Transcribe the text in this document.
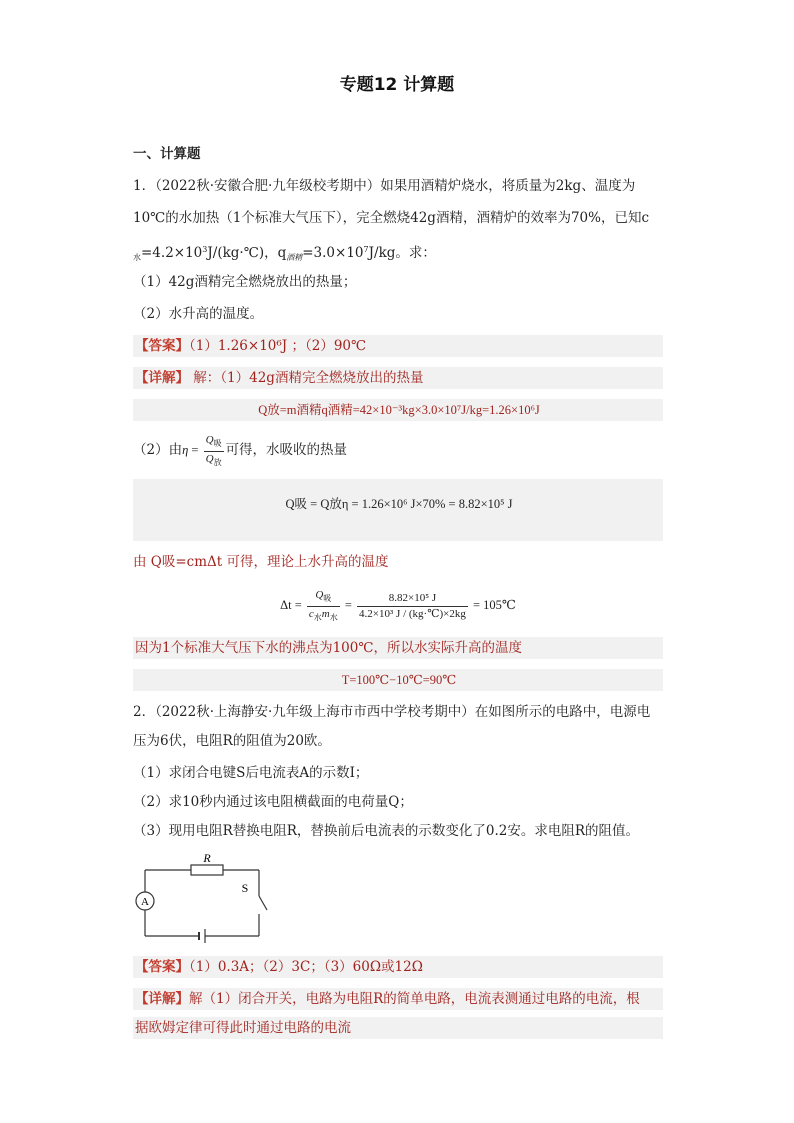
专题12 计算题
一、计算题
1．（2022秋·安徽合肥·九年级校考期中）如果用酒精炉烧水，将质量为2kg、温度为
10℃的水加热（1个标准大气压下），完全燃烧42g酒精，酒精炉的效率为70%，已知c
$_水=4.2\times 10^3J/(kg\cdot℃)$，$q_{酒精}=3.0\times 10^7J/kg$。求：
（1）42g酒精完全燃烧放出的热量；
（2）水升高的温度。
【答案】（1）1.26×10⁶J ；（2）90℃
【详解】 解：（1）42g酒精完全燃烧放出的热量
Q放=m酒精q酒精=42×10⁻³kg×3.0×10⁷J/kg=1.26×10⁶J
（2）由$\eta = \frac{Q_吸}{Q_放}$ 可得，水吸收的热量
Q吸 = Q放η = 1.26×10⁶ J×70% = 8.82×10⁵ J
由 Q吸=cmΔt 可得，理论上水升高的温度
$\Delta t = \frac{Q_吸}{c_水m_水} = \frac{\text{8.82×10⁵ J}}{\text{4.2×10³ J / (kg·℃)×2kg}}$ = 105℃
因为1个标准大气压下水的沸点为100℃，所以水实际升高的温度
T=100℃−10℃=90℃
2．（2022秋·上海静安·九年级上海市市西中学校考期中）在如图所示的电路中，电源电
压为6伏，电阻R的阻值为20欧。
（1）求闭合电键S后电流表A的示数I；
（2）求10秒内通过该电阻横截面的电荷量Q；
（3）现用电阻R替换电阻R，替换前后电流表的示数变化了0.2安。求电阻R的阻值。
R
S
A
【答案】（1）0.3A；（2）3C；（3）60Ω或12Ω
【详解】解（1）闭合开关，电路为电阻R的简单电路，电流表测通过电路的电流，根
据欧姆定律可得此时通过电路的电流
